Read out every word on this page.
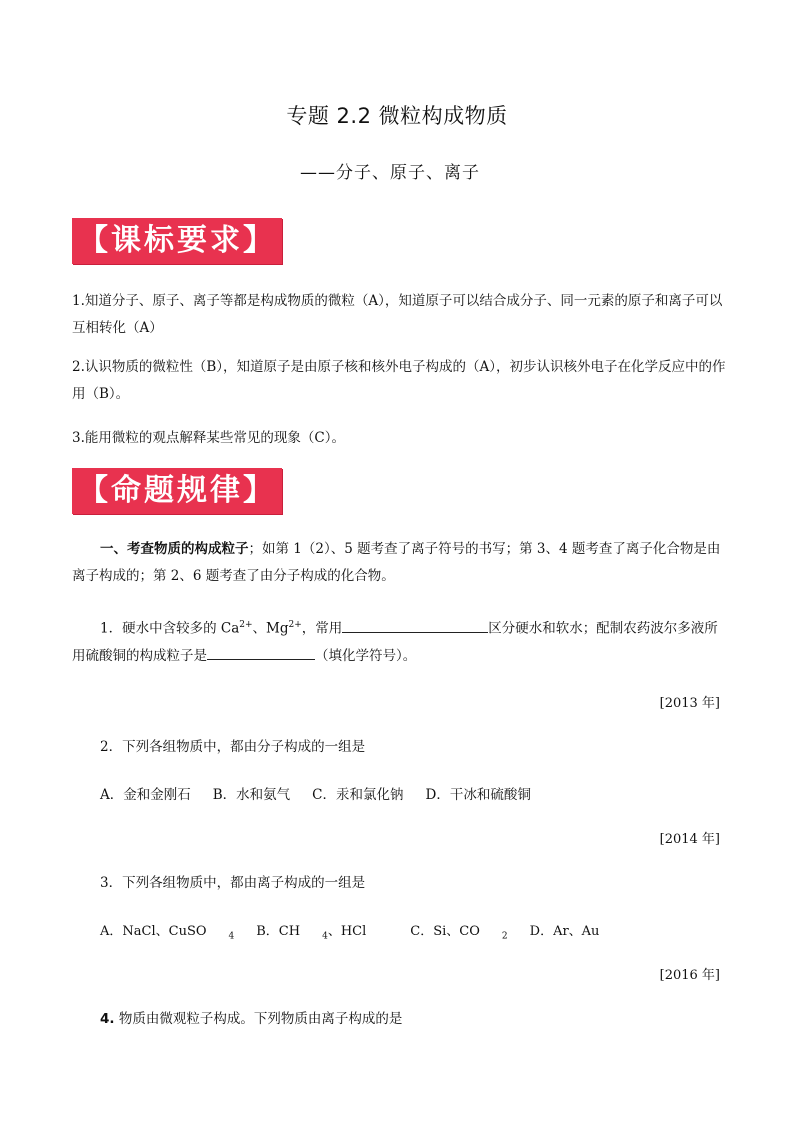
专题 2.2 微粒构成物质
——分子、原子、离子
【课标要求】
1.知道分子、原子、离子等都是构成物质的微粒（A），知道原子可以结合成分子、同一元素的原子和离子可以互相转化（A）
2.认识物质的微粒性（B），知道原子是由原子核和核外电子构成的（A），初步认识核外电子在化学反应中的作用（B）。
3.能用微粒的观点解释某些常见的现象（C）。
【命题规律】
一、考查物质的构成粒子；如第 1（2）、5 题考查了离子符号的书写；第 3、4 题考查了离子化合物是由离子构成的；第 2、6 题考查了由分子构成的化合物。
1．硬水中含较多的 $Ca^{2+}$、$Mg^{2+}$，常用	区分硬水和软水；配制农药波尔多液所
用硫酸铜的构成粒子是	（填化学符号）。
[2013 年]
2．下列各组物质中，都由分子构成的一组是
A．金和金刚石 B．水和氨气 C．汞和氯化钠 D．干冰和硫酸铜
[2014 年]
3．下列各组物质中，都由离子构成的一组是
A．NaCl、CuSO $_4$ B．CH $_4$、HCl	C．Si、CO $_2$ D．Ar、Au
[2016 年]
4. 物质由微观粒子构成。下列物质由离子构成的是
